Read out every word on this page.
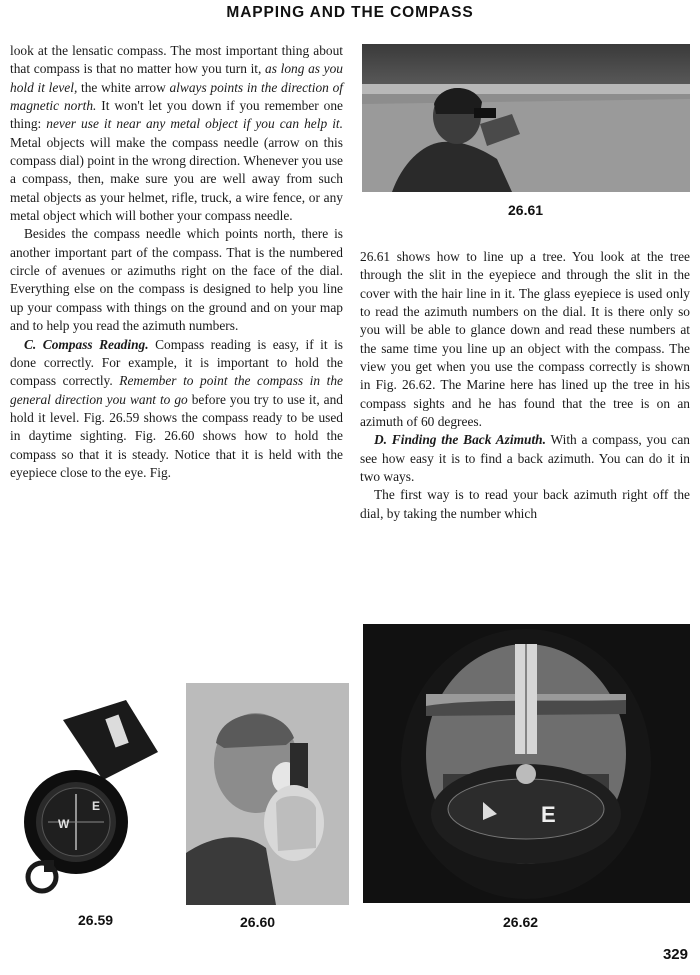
MAPPING AND THE COMPASS

look at the lensatic compass. The most important thing about that compass is that no matter how you turn it, as long as you hold it level, the white arrow always points in the direction of magnetic north. It won't let you down if you remember one thing: never use it near any metal object if you can help it. Metal objects will make the compass needle (arrow on this compass dial) point in the wrong direction. Whenever you use a compass, then, make sure you are well away from such metal objects as your helmet, rifle, truck, a wire fence, or any metal object which will bother your compass needle.

Besides the compass needle which points north, there is another important part of the compass. That is the numbered circle of avenues or azimuths right on the face of the dial. Everything else on the compass is designed to help you line up your compass with things on the ground and on your map and to help you read the azimuth numbers.

C. Compass Reading. Compass reading is easy, if it is done correctly. For example, it is important to hold the compass correctly. Remember to point the compass in the general direction you want to go before you try to use it, and hold it level. Fig. 26.59 shows the compass ready to be used in daytime sighting. Fig. 26.60 shows how to hold the compass so that it is steady. Notice that it is held with the eyepiece close to the eye. Fig.

26.61

26.61 shows how to line up a tree. You look at the tree through the slit in the eyepiece and through the slit in the cover with the hair line in it. The glass eyepiece is used only to read the azimuth numbers on the dial. It is there only so you will be able to glance down and read these numbers at the same time you line up an object with the compass. The view you get when you use the compass correctly is shown in Fig. 26.62. The Marine here has lined up the tree in his compass sights and he has found that the tree is on an azimuth of 60 degrees.

D. Finding the Back Azimuth. With a compass, you can see how easy it is to find a back azimuth. You can do it in two ways.

The first way is to read your back azimuth right off the dial, by taking the number which

W
E
26.59	26.60
E
26.62
329
